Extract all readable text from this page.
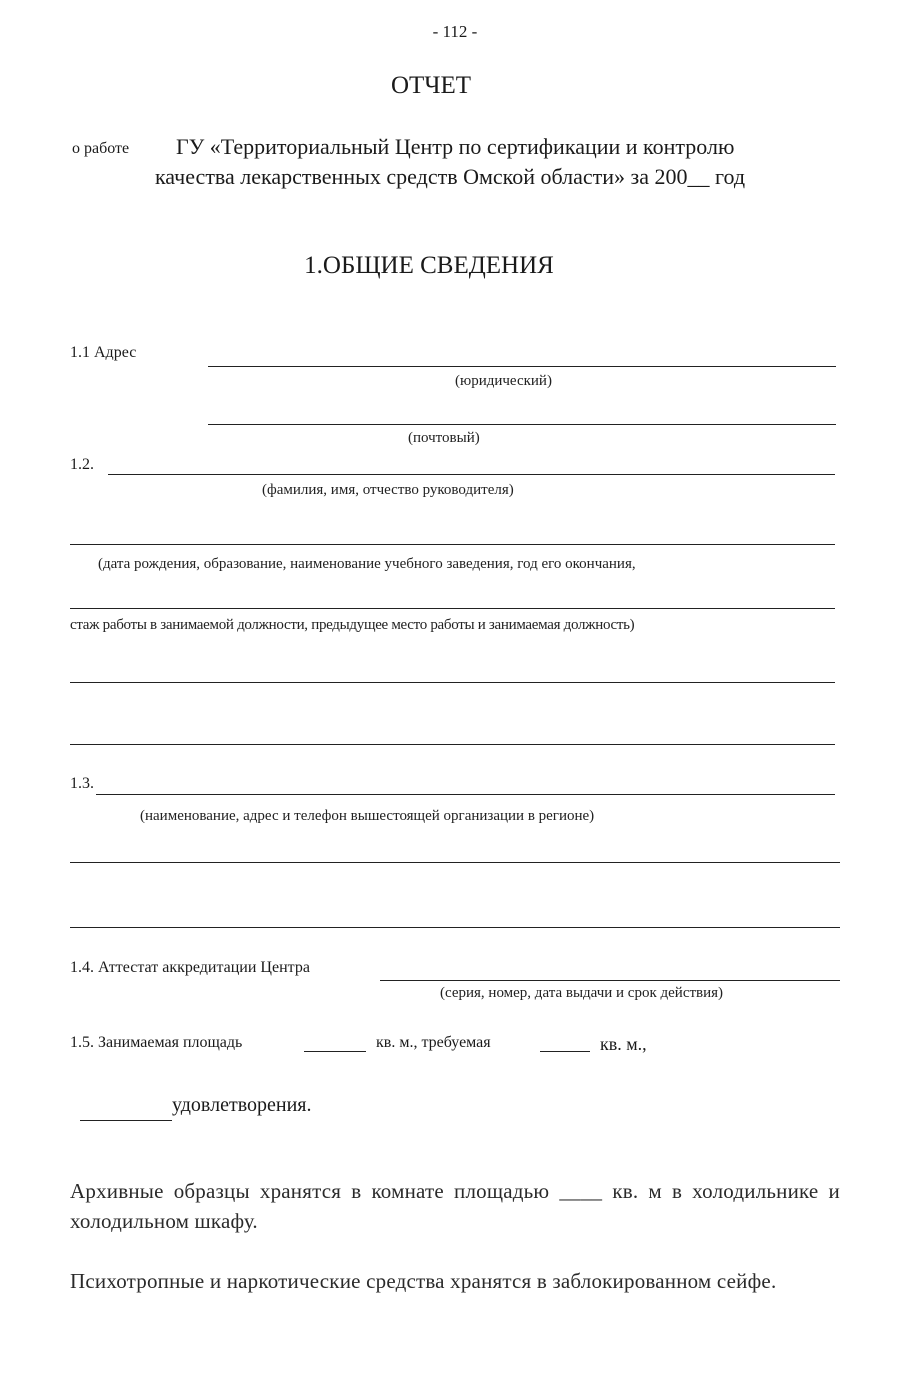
- 112 -
ОТЧЕТ
о работе ГУ «Территориальный Центр по сертификации и контролю
качества лекарственных средств Омской области» за 200__ год
1.ОБЩИЕ СВЕДЕНИЯ
1.1 Адрес
(юридический)
(почтовый)
1.2.
(фамилия, имя, отчество руководителя)
(дата рождения, образование, наименование учебного заведения, год его окончания,
стаж работы в занимаемой должности, предыдущее место работы и занимаемая должность)
1.3.
(наименование, адрес и телефон вышестоящей организации в регионе)
1.4. Аттестат аккредитации Центра
(серия, номер, дата выдачи и срок действия)
1.5. Занимаемая площадь	кв. м., требуемая	кв. м.,
удовлетворения.
Архивные образцы хранятся в комнате площадью ____ кв. м в холодильнике и холодильном шкафу.
Психотропные и наркотические средства хранятся в заблокированном сейфе.
